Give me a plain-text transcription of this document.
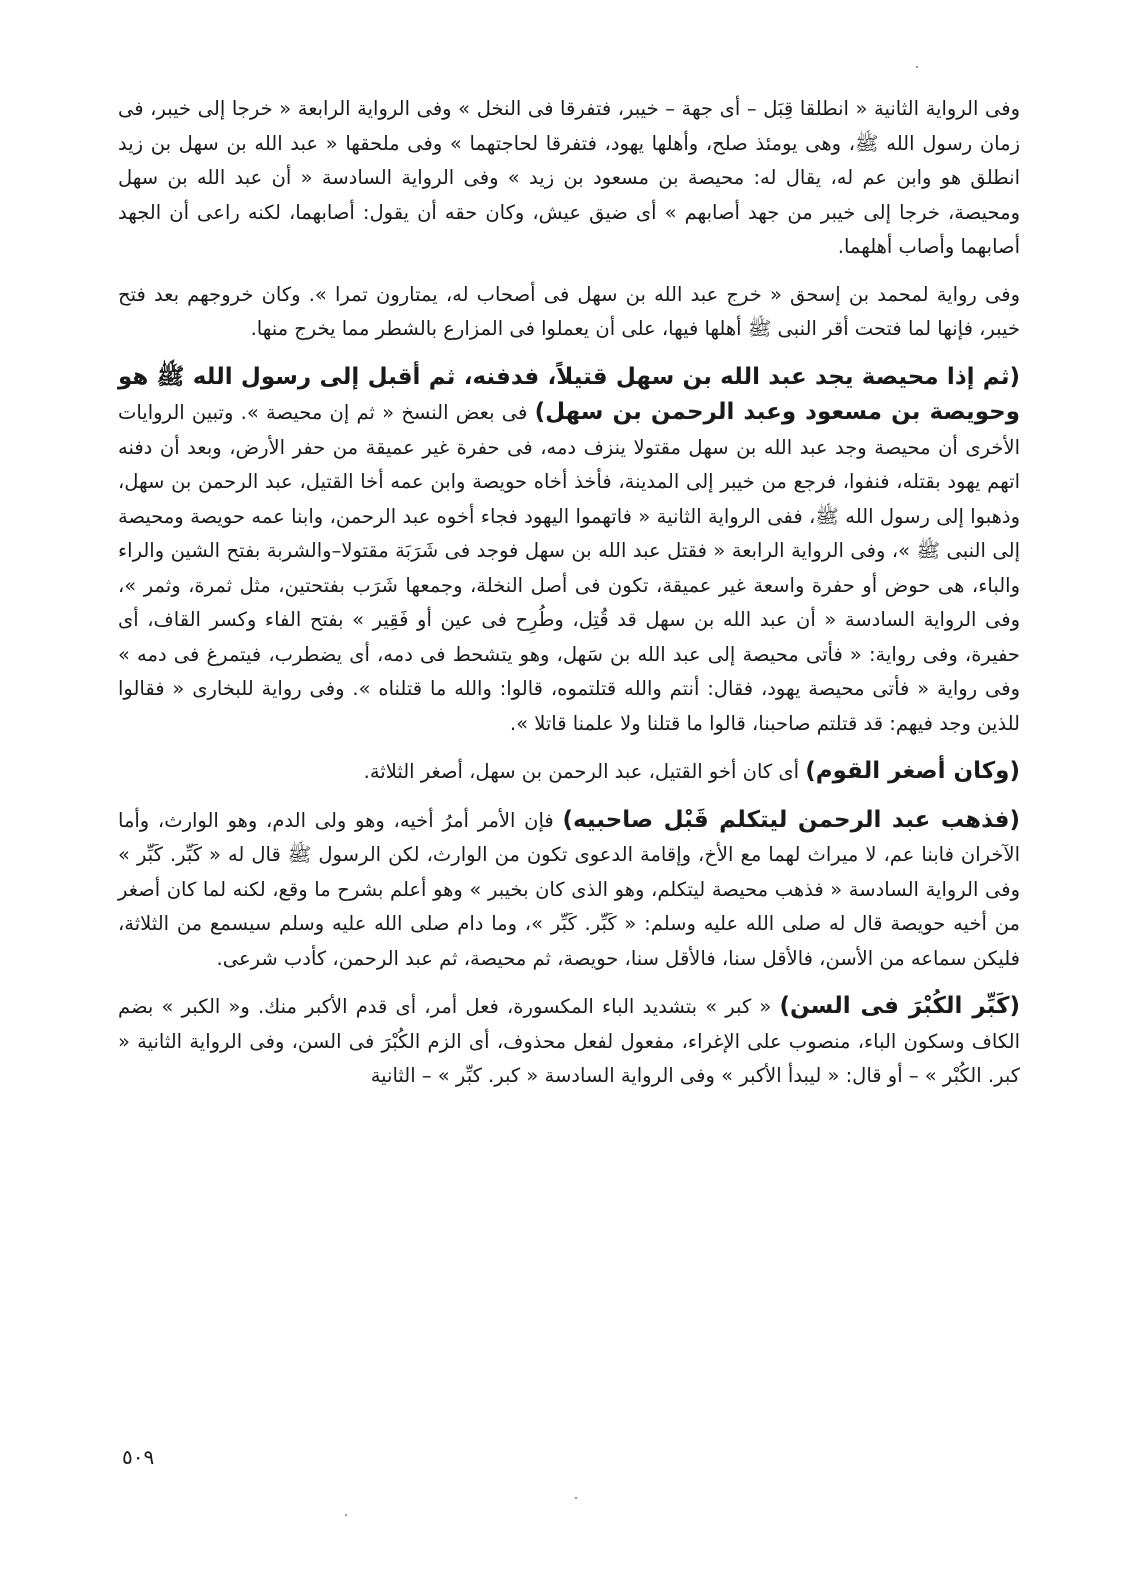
وفى الرواية الثانية « انطلقا قِبَل – أى جهة – خيبر، فتفرقا فى النخل » وفى الرواية الرابعة « خرجا إلى خيبر، فى زمان رسول الله ﷺ، وهى يومئذ صلح، وأهلها يهود، فتفرقا لحاجتهما » وفى ملحقها « عبد الله بن سهل بن زيد انطلق هو وابن عم له، يقال له: محيصة بن مسعود بن زيد » وفى الرواية السادسة « أن عبد الله بن سهل ومحيصة، خرجا إلى خيبر من جهد أصابهم » أى ضيق عيش، وكان حقه أن يقول: أصابهما، لكنه راعى أن الجهد أصابهما وأصاب أهلهما.

وفى رواية لمحمد بن إسحق « خرج عبد الله بن سهل فى أصحاب له، يمتارون تمرا ». وكان خروجهم بعد فتح خيبر، فإنها لما فتحت أقر النبى ﷺ أهلها فيها، على أن يعملوا فى المزارع بالشطر مما يخرج منها.

(ثم إذا محيصة يجد عبد الله بن سهل قتيلاً، فدفنه، ثم أقبل إلى رسول الله ﷺ هو وحويصة بن مسعود وعبد الرحمن بن سهل) فى بعض النسخ « ثم إن محيصة ». وتبين الروايات الأخرى أن محيصة وجد عبد الله بن سهل مقتولا ينزف دمه، فى حفرة غير عميقة من حفر الأرض، وبعد أن دفنه اتهم يهود بقتله، فنفوا، فرجع من خيبر إلى المدينة، فأخذ أخاه حويصة وابن عمه أخا القتيل، عبد الرحمن بن سهل، وذهبوا إلى رسول الله ﷺ، ففى الرواية الثانية « فاتهموا اليهود فجاء أخوه عبد الرحمن، وابنا عمه حويصة ومحيصة إلى النبى ﷺ »، وفى الرواية الرابعة « فقتل عبد الله بن سهل فوجد فى شَرَبَة مقتولا–والشربة بفتح الشين والراء والباء، هى حوض أو حفرة واسعة غير عميقة، تكون فى أصل النخلة، وجمعها شَرَب بفتحتين، مثل ثمرة، وثمر »، وفى الرواية السادسة « أن عبد الله بن سهل قد قُتِل، وطُرِح فى عين أو فَقِير » بفتح الفاء وكسر القاف، أى حفيرة، وفى رواية: « فأتى محيصة إلى عبد الله بن سَهل، وهو يتشحط فى دمه، أى يضطرب، فيتمرغ فى دمه » وفى رواية « فأتى محيصة يهود، فقال: أنتم والله قتلتموه، قالوا: والله ما قتلناه ». وفى رواية للبخارى « فقالوا للذين وجد فيهم: قد قتلتم صاحبنا، قالوا ما قتلنا ولا علمنا قاتلا ».

(وكان أصغر القوم) أى كان أخو القتيل، عبد الرحمن بن سهل، أصغر الثلاثة.

(فذهب عبد الرحمن ليتكلم قَبْل صاحبيه) فإن الأمر أمرُ أخيه، وهو ولى الدم، وهو الوارث، وأما الآخران فابنا عم، لا ميراث لهما مع الأخ، وإقامة الدعوى تكون من الوارث، لكن الرسول ﷺ قال له « كَبِّر. كَبِّر » وفى الرواية السادسة « فذهب محيصة ليتكلم، وهو الذى كان بخيبر » وهو أعلم بشرح ما وقع، لكنه لما كان أصغر من أخيه حويصة قال له صلى الله عليه وسلم: « كَبِّر. كَبِّر »، وما دام صلى الله عليه وسلم سيسمع من الثلاثة، فليكن سماعه من الأسن، فالأقل سنا، فالأقل سنا، حويصة، ثم محيصة، ثم عبد الرحمن، كأدب شرعى.

(كَبِّر الكُبْرَ فى السن) « كبر » بتشديد الباء المكسورة، فعل أمر، أى قدم الأكبر منك. و« الكبر » بضم الكاف وسكون الباء، منصوب على الإغراء، مفعول لفعل محذوف، أى الزم الكُبْرَ فى السن، وفى الرواية الثانية « كبر. الكُبْر » – أو قال: « ليبدأ الأكبر » وفى الرواية السادسة « كبر. كبِّر » – الثانية

٥٠٩
